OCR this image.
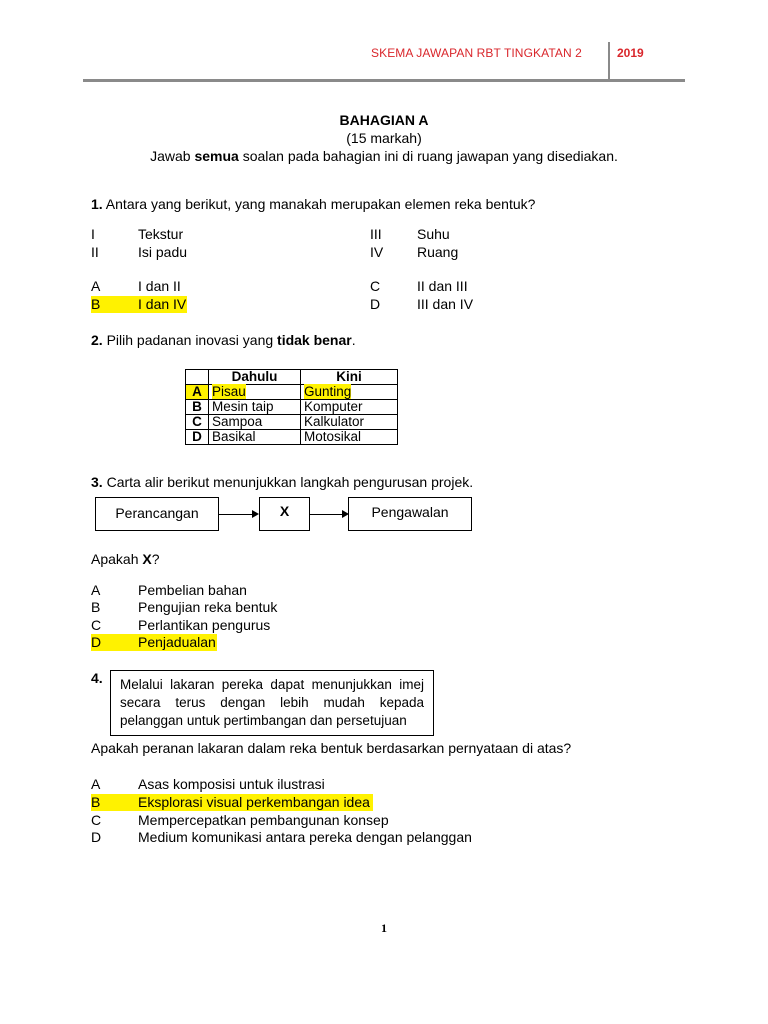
SKEMA JAWAPAN RBT TINGKATAN 2	2019
BAHAGIAN A
(15 markah)
Jawab semua soalan pada bahagian ini di ruang jawapan yang disediakan.
1. Antara yang berikut, yang manakah merupakan elemen reka bentuk?
I	Tekstur
II	Isi padu
III	Suhu
IV Ruang
A	I dan II
B	I dan IV
C	II dan III
D	III dan IV
2. Pilih padanan inovasi yang tidak benar.
	Dahulu	Kini
A	Pisau	Gunting
B	Mesin taip	Komputer
C	Sampoa	Kalkulator
D	Basikal	Motosikal
3. Carta alir berikut menunjukkan langkah pengurusan projek.
Perancangan	X	Pengawalan
Apakah X?
A	Pembelian bahan
B	Pengujian reka bentuk
C	Perlantikan pengurus
D	Penjadualan
4.	Melalui lakaran pereka dapat menunjukkan imej secara terus dengan lebih mudah kepada pelanggan untuk pertimbangan dan persetujuan
Apakah peranan lakaran dalam reka bentuk berdasarkan pernyataan di atas?
A	Asas komposisi untuk ilustrasi
B	Eksplorasi visual perkembangan idea
C	Mempercepatkan pembangunan konsep
D	Medium komunikasi antara pereka dengan pelanggan
1
